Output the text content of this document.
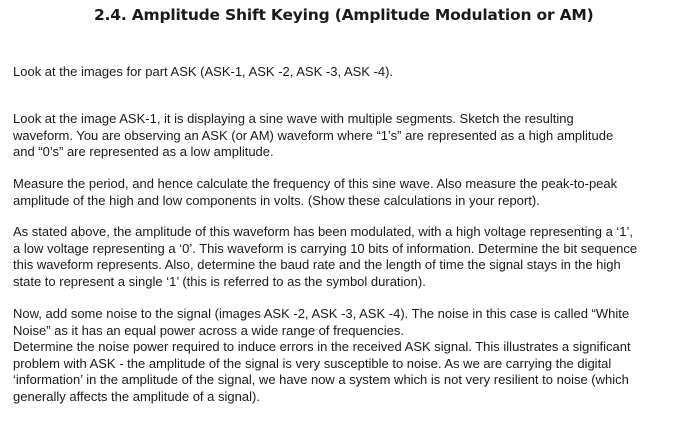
2.4. Amplitude Shift Keying (Amplitude Modulation or AM)

Look at the images for part ASK (ASK-1, ASK -2, ASK -3, ASK -4).

Look at the image ASK-1, it is displaying a sine wave with multiple segments. Sketch the resulting
waveform. You are observing an ASK (or AM) waveform where “1’s” are represented as a high amplitude
and “0’s” are represented as a low amplitude.

Measure the period, and hence calculate the frequency of this sine wave. Also measure the peak-to-peak
amplitude of the high and low components in volts. (Show these calculations in your report).

As stated above, the amplitude of this waveform has been modulated, with a high voltage representing a ‘1’,
a low voltage representing a ‘0’. This waveform is carrying 10 bits of information. Determine the bit sequence
this waveform represents. Also, determine the baud rate and the length of time the signal stays in the high
state to represent a single ‘1’ (this is referred to as the symbol duration).

Now, add some noise to the signal (images ASK -2, ASK -3, ASK -4). The noise in this case is called “White
Noise” as it has an equal power across a wide range of frequencies.
Determine the noise power required to induce errors in the received ASK signal. This illustrates a significant
problem with ASK - the amplitude of the signal is very susceptible to noise. As we are carrying the digital
‘information’ in the amplitude of the signal, we have now a system which is not very resilient to noise (which
generally affects the amplitude of a signal).
